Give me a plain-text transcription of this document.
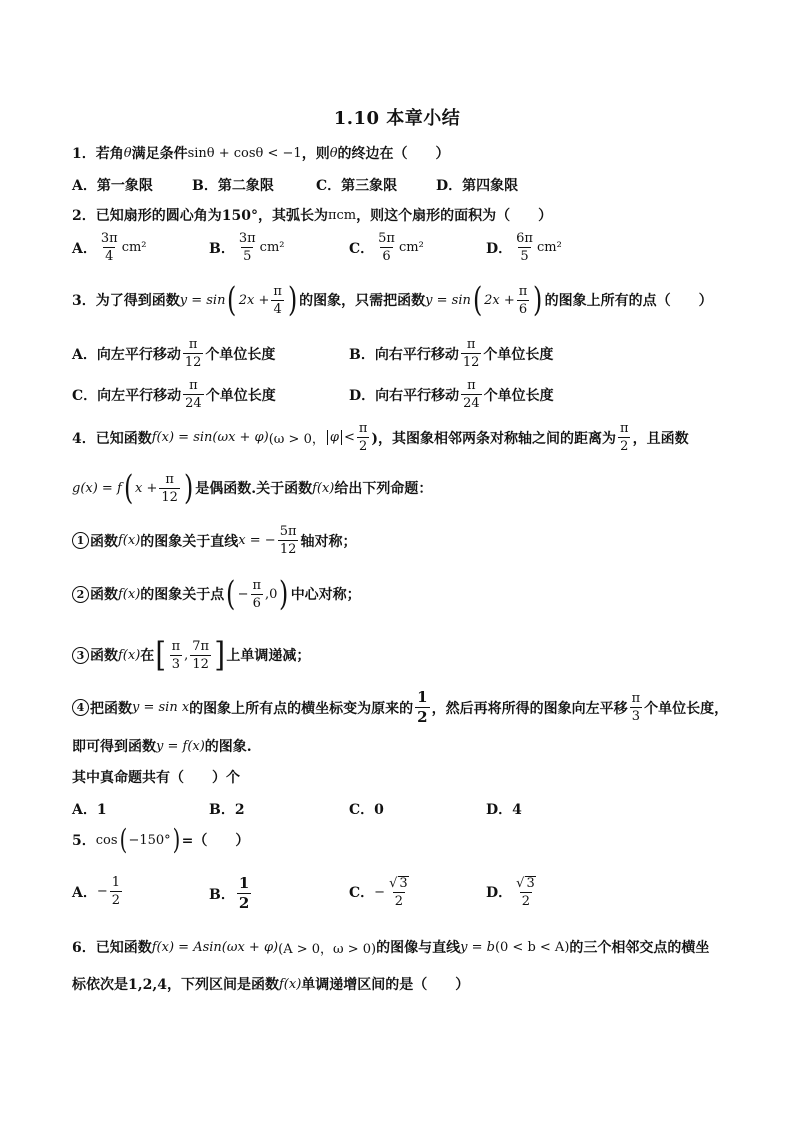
1.10 本章小结
1．若角 θ 满足条件 sinθ + cosθ < −1 ，则 θ 的终边在（　　）
A．第一象限	B．第二象限	C．第三象限	D．第四象限
2．已知扇形的圆心角为150°，其弧长为 πcm ，则这个扇形的面积为（　　）
A． $\frac{3\pi}{4} cm^2$	B． $\frac{3\pi}{5} cm^2$	C． $\frac{5\pi}{6} cm^2$	D． $\frac{6\pi}{5} cm^2$
3．为了得到函数 y = sin ( $2x + \frac{\pi}{4}$ ) 的图象，只需把函数 y = sin ( $2x + \frac{\pi}{6}$ ) 的图象上所有的点（　　）
A．向左平行移动 $\frac{\pi}{12}$ 个单位长度	B．向右平行移动 $\frac{\pi}{12}$ 个单位长度
C．向左平行移动 $\frac{\pi}{24}$ 个单位长度	D．向右平行移动 $\frac{\pi}{24}$ 个单位长度
4．已知函数 f(x) = sin(ωx + φ) (ω > 0， $\varphi < \frac{\pi}{2}$ )，其图象相邻两条对称轴之间的距离为 $\frac{\pi}{2}$ ，且函数
g(x) = f ( $x + \frac{\pi}{12}$ ) 是偶函数.关于函数 f(x) 给出下列命题：
1 函数 f(x) 的图象关于直线 x = − $\frac{5\pi}{12}$ 轴对称；
2 函数 f(x) 的图象关于点 ( − $\frac{\pi}{6} ,0$ ) 中心对称；
3 函数 f(x) 在 [ $\frac{\pi}{3}$ , $\frac{7\pi}{12}$ ] 上单调递减；
4 把函数 y = sin x 的图象上所有点的横坐标变为原来的 $\frac{1}{2}$ ，然后再将所得的图象向左平移 $\frac{\pi}{3}$ 个单位长度，
即可得到函数 y = f(x) 的图象.
其中真命题共有（　　）个
A．1	B．2	C．0	D．4
5． cos ( −150° ) =（　　）
A． − $\frac{1}{2}$	B． $\frac{1}{2}$	C． − $\frac{√ 3}{2}$	D． $\frac{√ 3}{2}$
6．已知函数 f(x) = Asin(ωx + φ) (A > 0，ω > 0) 的图像与直线 y = b (0 < b < A) 的三个相邻交点的横坐
标依次是1,2,4，下列区间是函数 f(x) 单调递增区间的是（　　）
